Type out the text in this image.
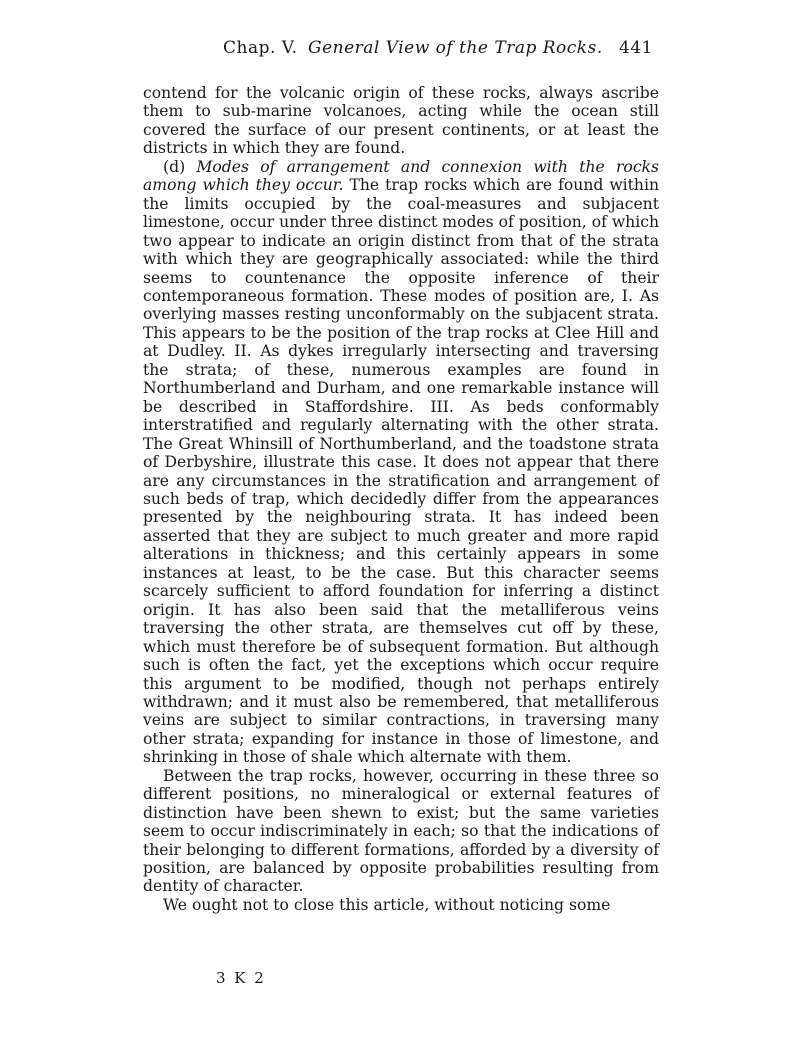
Chap. V. General View of the Trap Rocks. 441

contend for the volcanic origin of these rocks, always ascribe them to sub-marine volcanoes, acting while the ocean still covered the surface of our present continents, or at least the districts in which they are found.

(d) Modes of arrangement and connexion with the rocks among which they occur. The trap rocks which are found within the limits occupied by the coal-measures and subjacent limestone, occur under three distinct modes of position, of which two appear to indicate an origin distinct from that of the strata with which they are geographically associated: while the third seems to countenance the opposite inference of their contemporaneous formation. These modes of position are, I. As overlying masses resting unconformably on the subjacent strata. This appears to be the position of the trap rocks at Clee Hill and at Dudley. II. As dykes irregularly intersecting and traversing the strata; of these, numerous examples are found in Northumberland and Durham, and one remarkable instance will be described in Staffordshire. III. As beds conformably interstratified and regularly alternating with the other strata. The Great Whinsill of Northumberland, and the toadstone strata of Derbyshire, illustrate this case. It does not appear that there are any circumstances in the stratification and arrangement of such beds of trap, which decidedly differ from the appearances presented by the neighbouring strata. It has indeed been asserted that they are subject to much greater and more rapid alterations in thickness; and this certainly appears in some instances at least, to be the case. But this character seems scarcely sufficient to afford foundation for inferring a distinct origin. It has also been said that the metalliferous veins traversing the other strata, are themselves cut off by these, which must therefore be of subsequent formation. But although such is often the fact, yet the exceptions which occur require this argument to be modified, though not perhaps entirely withdrawn; and it must also be remembered, that metalliferous veins are subject to similar contractions, in traversing many other strata; expanding for instance in those of limestone, and shrinking in those of shale which alternate with them.

Between the trap rocks, however, occurring in these three so different positions, no mineralogical or external features of distinction have been shewn to exist; but the same varieties seem to occur indiscriminately in each; so that the indications of their belonging to different formations, afforded by a diversity of position, are balanced by opposite probabilities resulting from dentity of character.

We ought not to close this article, without noticing some

3 K 2
